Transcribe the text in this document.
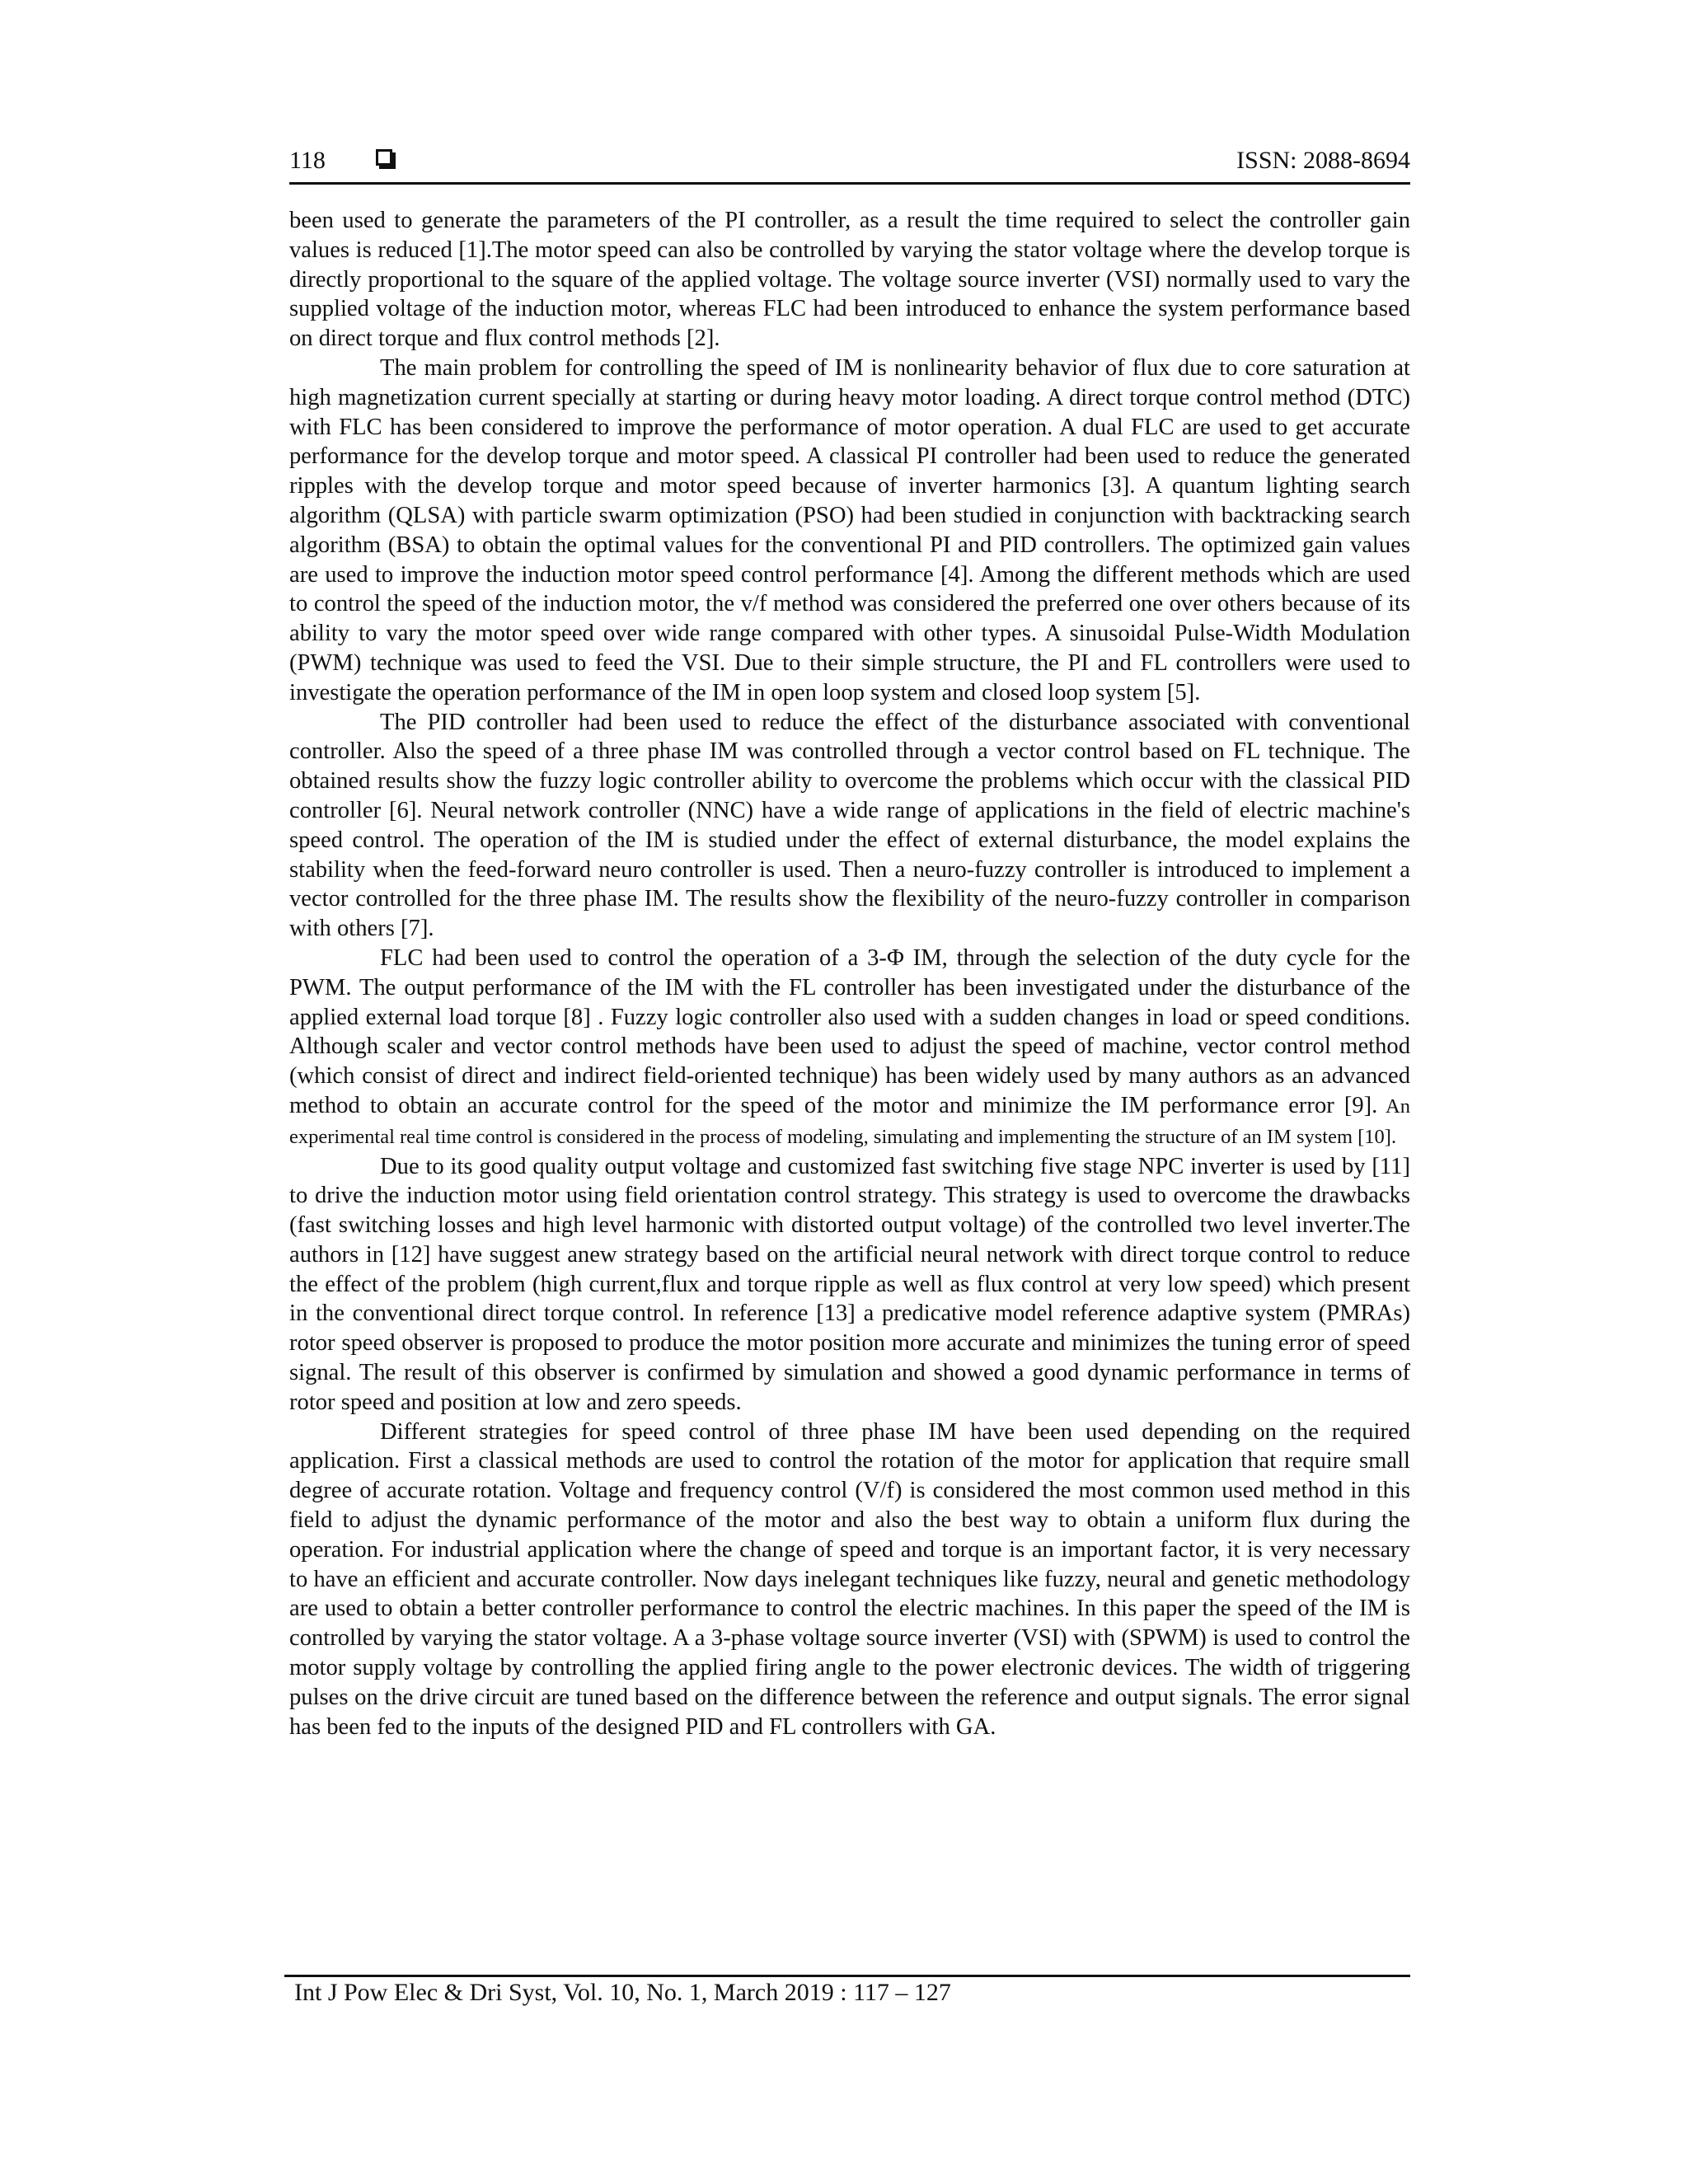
118	ISSN: 2088-8694

been used to generate the parameters of the PI controller, as a result the time required to select the controller gain values is reduced [1].The motor speed can also be controlled by varying the stator voltage where the develop torque is directly proportional to the square of the applied voltage. The voltage source inverter (VSI) normally used to vary the supplied voltage of the induction motor, whereas FLC had been introduced to enhance the system performance based on direct torque and flux control methods [2].

The main problem for controlling the speed of IM is nonlinearity behavior of flux due to core saturation at high magnetization current specially at starting or during heavy motor loading. A direct torque control method (DTC) with FLC has been considered to improve the performance of motor operation. A dual FLC are used to get accurate performance for the develop torque and motor speed. A classical PI controller had been used to reduce the generated ripples with the develop torque and motor speed because of inverter harmonics [3]. A quantum lighting search algorithm (QLSA) with particle swarm optimization (PSO) had been studied in conjunction with backtracking search algorithm (BSA) to obtain the optimal values for the conventional PI and PID controllers. The optimized gain values are used to improve the induction motor speed control performance [4]. Among the different methods which are used to control the speed of the induction motor, the v/f method was considered the preferred one over others because of its ability to vary the motor speed over wide range compared with other types. A sinusoidal Pulse-Width Modulation (PWM) technique was used to feed the VSI. Due to their simple structure, the PI and FL controllers were used to investigate the operation performance of the IM in open loop system and closed loop system [5].

The PID controller had been used to reduce the effect of the disturbance associated with conventional controller. Also the speed of a three phase IM was controlled through a vector control based on FL technique. The obtained results show the fuzzy logic controller ability to overcome the problems which occur with the classical PID controller [6]. Neural network controller (NNC) have a wide range of applications in the field of electric machine's speed control. The operation of the IM is studied under the effect of external disturbance, the model explains the stability when the feed-forward neuro controller is used. Then a neuro-fuzzy controller is introduced to implement a vector controlled for the three phase IM. The results show the flexibility of the neuro-fuzzy controller in comparison with others [7].

FLC had been used to control the operation of a 3-Φ IM, through the selection of the duty cycle for the PWM. The output performance of the IM with the FL controller has been investigated under the disturbance of the applied external load torque [8] . Fuzzy logic controller also used with a sudden changes in load or speed conditions. Although scaler and vector control methods have been used to adjust the speed of machine, vector control method (which consist of direct and indirect field-oriented technique) has been widely used by many authors as an advanced method to obtain an accurate control for the speed of the motor and minimize the IM performance error [9]. An experimental real time control is considered in the process of modeling, simulating and implementing the structure of an IM system [10].

Due to its good quality output voltage and customized fast switching five stage NPC inverter is used by [11] to drive the induction motor using field orientation control strategy. This strategy is used to overcome the drawbacks (fast switching losses and high level harmonic with distorted output voltage) of the controlled two level inverter.The authors in [12] have suggest anew strategy based on the artificial neural network with direct torque control to reduce the effect of the problem (high current,flux and torque ripple as well as flux control at very low speed) which present in the conventional direct torque control. In reference [13] a predicative model reference adaptive system (PMRAs) rotor speed observer is proposed to produce the motor position more accurate and minimizes the tuning error of speed signal. The result of this observer is confirmed by simulation and showed a good dynamic performance in terms of rotor speed and position at low and zero speeds.

Different strategies for speed control of three phase IM have been used depending on the required application. First a classical methods are used to control the rotation of the motor for application that require small degree of accurate rotation. Voltage and frequency control (V/f) is considered the most common used method in this field to adjust the dynamic performance of the motor and also the best way to obtain a uniform flux during the operation. For industrial application where the change of speed and torque is an important factor, it is very necessary to have an efficient and accurate controller. Now days inelegant techniques like fuzzy, neural and genetic methodology are used to obtain a better controller performance to control the electric machines. In this paper the speed of the IM is controlled by varying the stator voltage. A a 3-phase voltage source inverter (VSI) with (SPWM) is used to control the motor supply voltage by controlling the applied firing angle to the power electronic devices. The width of triggering pulses on the drive circuit are tuned based on the difference between the reference and output signals. The error signal has been fed to the inputs of the designed PID and FL controllers with GA.

Int J Pow Elec & Dri Syst, Vol. 10, No. 1, March 2019 : 117 – 127
